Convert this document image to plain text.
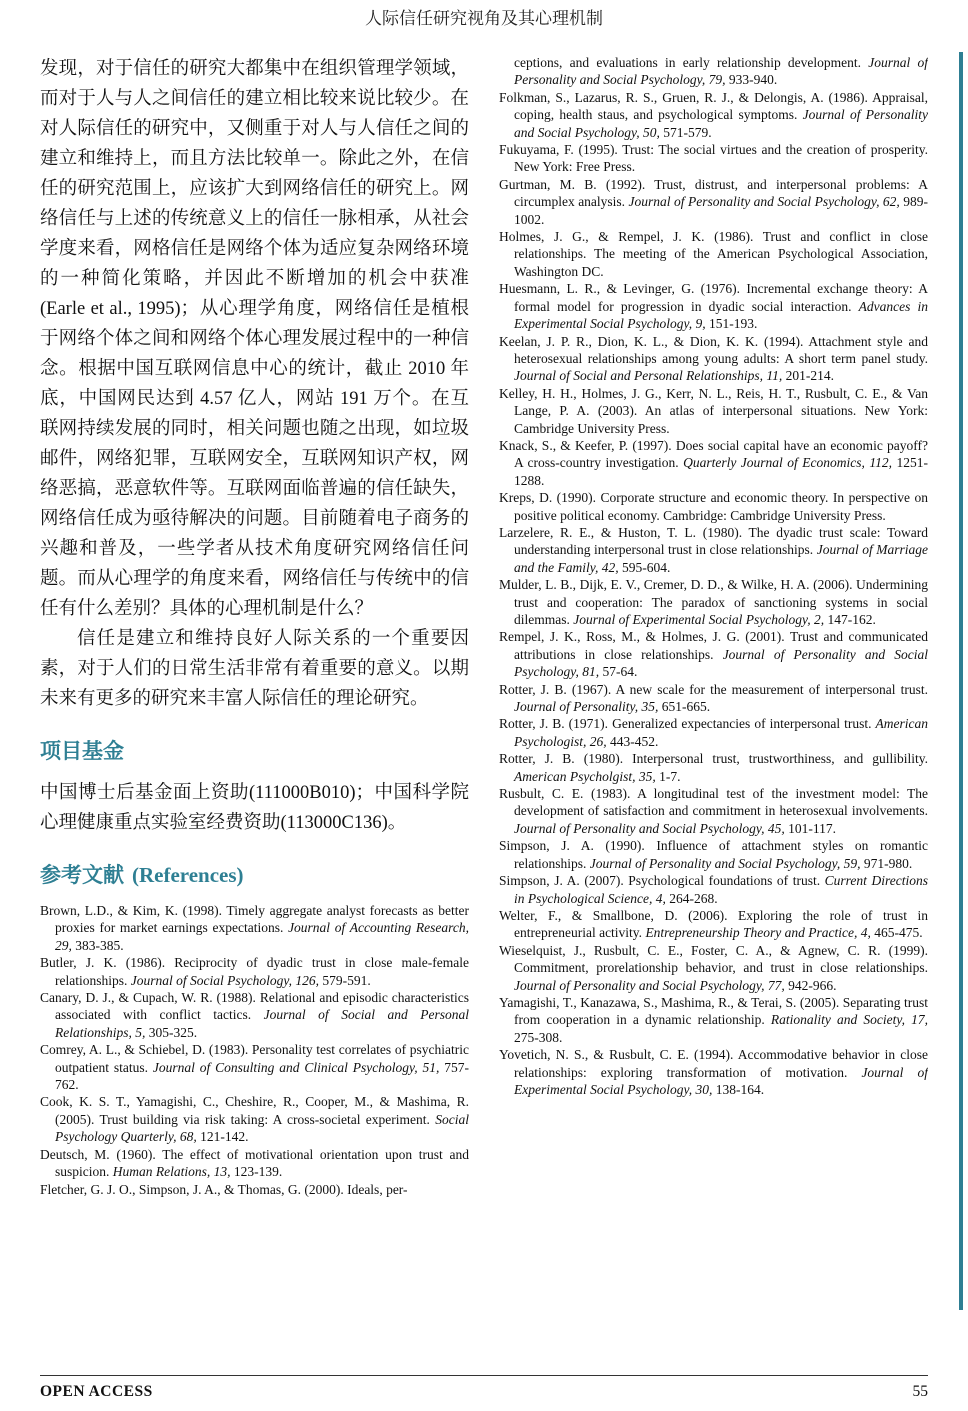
人际信任研究视角及其心理机制

发现，对于信任的研究大都集中在组织管理学领域，而对于人与人之间信任的建立相比较来说比较少。在对人际信任的研究中，又侧重于对人与人信任之间的建立和维持上，而且方法比较单一。除此之外，在信任的研究范围上，应该扩大到网络信任的研究上。网络信任与上述的传统意义上的信任一脉相承，从社会学度来看，网格信任是网络个体为适应复杂网络环境的一种简化策略，并因此不断增加的机会中获准(Earle et al., 1995)；从心理学角度，网络信任是植根于网络个体之间和网络个体心理发展过程中的一种信念。根据中国互联网信息中心的统计，截止 2010 年底，中国网民达到 4.57 亿人，网站 191 万个。在互联网持续发展的同时，相关问题也随之出现，如垃圾邮件，网络犯罪，互联网安全，互联网知识产权，网络恶搞，恶意软件等。互联网面临普遍的信任缺失，网络信任成为亟待解决的问题。目前随着电子商务的兴趣和普及，一些学者从技术角度研究网络信任问题。而从心理学的角度来看，网络信任与传统中的信任有什么差别？具体的心理机制是什么？

信任是建立和维持良好人际关系的一个重要因素，对于人们的日常生活非常有着重要的意义。以期未来有更多的研究来丰富人际信任的理论研究。

项目基金

中国博士后基金面上资助(111000B010)；中国科学院心理健康重点实验室经费资助(113000C136)。

参考文献 (References)

Brown, L.D., & Kim, K. (1998). Timely aggregate analyst forecasts as better proxies for market earnings expectations. Journal of Accounting Research, 29, 383-385.

Butler, J. K. (1986). Reciprocity of dyadic trust in close male-female relationships. Journal of Social Psychology, 126, 579-591.

Canary, D. J., & Cupach, W. R. (1988). Relational and episodic characteristics associated with conflict tactics. Journal of Social and Personal Relationships, 5, 305-325.

Comrey, A. L., & Schiebel, D. (1983). Personality test correlates of psychiatric outpatient status. Journal of Consulting and Clinical Psychology, 51, 757-762.

Cook, K. S. T., Yamagishi, C., Cheshire, R., Cooper, M., & Mashima, R. (2005). Trust building via risk taking: A cross-societal experiment. Social Psychology Quarterly, 68, 121-142.

Deutsch, M. (1960). The effect of motivational orientation upon trust and suspicion. Human Relations, 13, 123-139.

Fletcher, G. J. O., Simpson, J. A., & Thomas, G. (2000). Ideals, per-

ceptions, and evaluations in early relationship development. Journal of Personality and Social Psychology, 79, 933-940.

Folkman, S., Lazarus, R. S., Gruen, R. J., & Delongis, A. (1986). Appraisal, coping, health staus, and psychological symptoms. Journal of Personality and Social Psychology, 50, 571-579.

Fukuyama, F. (1995). Trust: The social virtues and the creation of prosperity. New York: Free Press.

Gurtman, M. B. (1992). Trust, distrust, and interpersonal problems: A circumplex analysis. Journal of Personality and Social Psychology, 62, 989-1002.

Holmes, J. G., & Rempel, J. K. (1986). Trust and conflict in close relationships. The meeting of the American Psychological Association, Washington DC.

Huesmann, L. R., & Levinger, G. (1976). Incremental exchange theory: A formal model for progression in dyadic social interaction. Advances in Experimental Social Psychology, 9, 151-193.

Keelan, J. P. R., Dion, K. L., & Dion, K. K. (1994). Attachment style and heterosexual relationships among young adults: A short term panel study. Journal of Social and Personal Relationships, 11, 201-214.

Kelley, H. H., Holmes, J. G., Kerr, N. L., Reis, H. T., Rusbult, C. E., & Van Lange, P. A. (2003). An atlas of interpersonal situations. New York: Cambridge University Press.

Knack, S., & Keefer, P. (1997). Does social capital have an economic payoff? A cross-country investigation. Quarterly Journal of Economics, 112, 1251-1288.

Kreps, D. (1990). Corporate structure and economic theory. In perspective on positive political economy. Cambridge: Cambridge University Press.

Larzelere, R. E., & Huston, T. L. (1980). The dyadic trust scale: Toward understanding interpersonal trust in close relationships. Journal of Marriage and the Family, 42, 595-604.

Mulder, L. B., Dijk, E. V., Cremer, D. D., & Wilke, H. A. (2006). Undermining trust and cooperation: The paradox of sanctioning systems in social dilemmas. Journal of Experimental Social Psychology, 2, 147-162.

Rempel, J. K., Ross, M., & Holmes, J. G. (2001). Trust and communicated attributions in close relationships. Journal of Personality and Social Psychology, 81, 57-64.

Rotter, J. B. (1967). A new scale for the measurement of interpersonal trust. Journal of Personality, 35, 651-665.

Rotter, J. B. (1971). Generalized expectancies of interpersonal trust. American Psychologist, 26, 443-452.

Rotter, J. B. (1980). Interpersonal trust, trustworthiness, and gullibility. American Psycholgist, 35, 1-7.

Rusbult, C. E. (1983). A longitudinal test of the investment model: The development of satisfaction and commitment in heterosexual involvements. Journal of Personality and Social Psychology, 45, 101-117.

Simpson, J. A. (1990). Influence of attachment styles on romantic relationships. Journal of Personality and Social Psychology, 59, 971-980.

Simpson, J. A. (2007). Psychological foundations of trust. Current Directions in Psychological Science, 4, 264-268.

Welter, F., & Smallbone, D. (2006). Exploring the role of trust in entrepreneurial activity. Entrepreneurship Theory and Practice, 4, 465-475.

Wieselquist, J., Rusbult, C. E., Foster, C. A., & Agnew, C. R. (1999). Commitment, prorelationship behavior, and trust in close relationships. Journal of Personality and Social Psychology, 77, 942-966.

Yamagishi, T., Kanazawa, S., Mashima, R., & Terai, S. (2005). Separating trust from cooperation in a dynamic relationship. Rationality and Society, 17, 275-308.

Yovetich, N. S., & Rusbult, C. E. (1994). Accommodative behavior in close relationships: exploring transformation of motivation. Journal of Experimental Social Psychology, 30, 138-164.

OPEN ACCESS	55
